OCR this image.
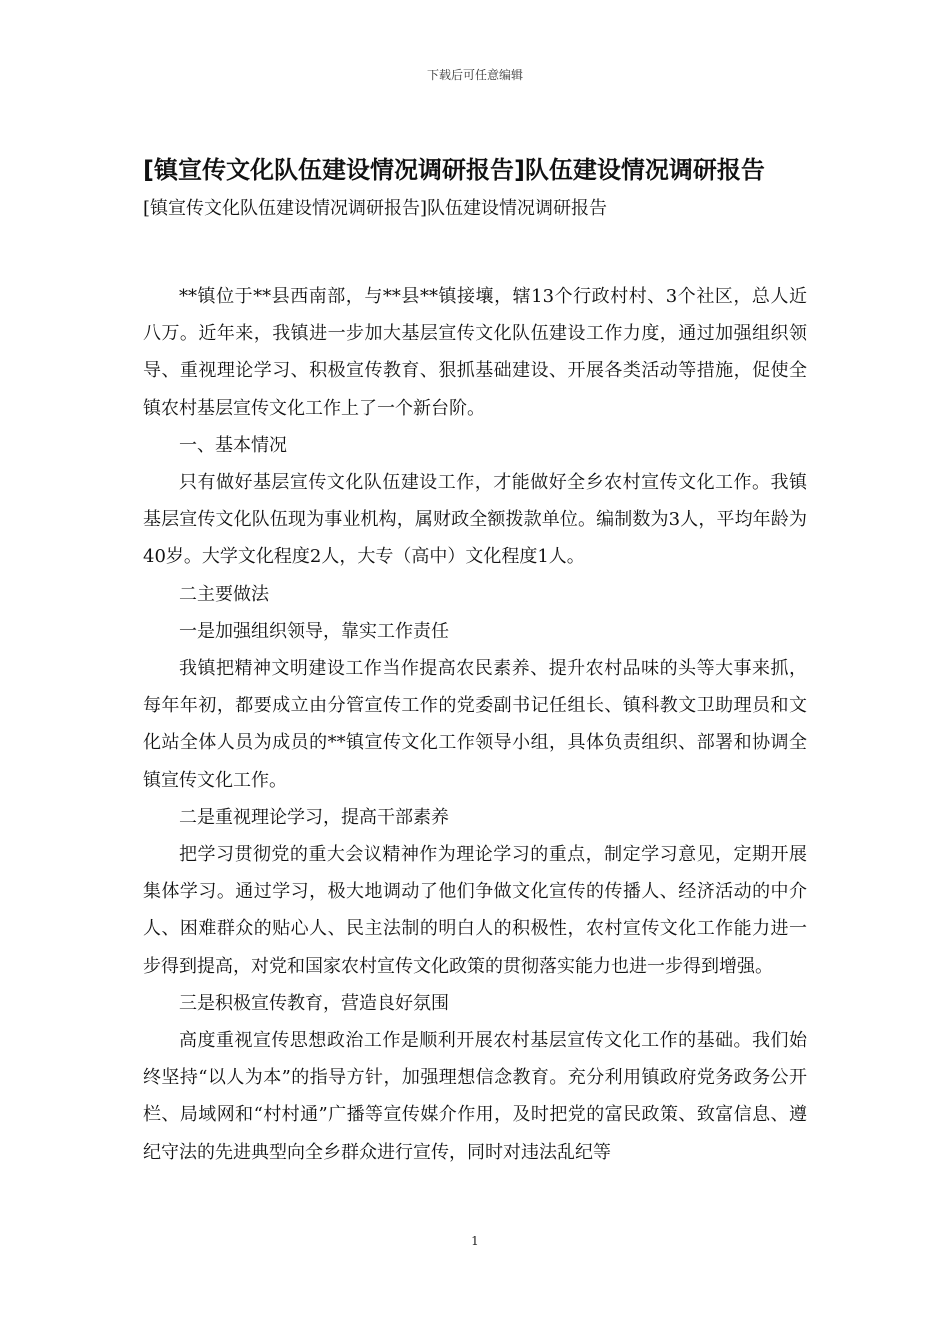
下载后可任意编辑
[镇宣传文化队伍建设情况调研报告]队伍建设情况调研报告
[镇宣传文化队伍建设情况调研报告]队伍建设情况调研报告

**镇位于**县西南部，与**县**镇接壤，辖13个行政村村、3个社区，总人近八万。近年来，我镇进一步加大基层宣传文化队伍建设工作力度，通过加强组织领导、重视理论学习、积极宣传教育、狠抓基础建设、开展各类活动等措施，促使全镇农村基层宣传文化工作上了一个新台阶。

一、基本情况

只有做好基层宣传文化队伍建设工作，才能做好全乡农村宣传文化工作。我镇基层宣传文化队伍现为事业机构，属财政全额拨款单位。编制数为3人，平均年龄为40岁。大学文化程度2人，大专（高中）文化程度1人。

二主要做法

一是加强组织领导，靠实工作责任

我镇把精神文明建设工作当作提高农民素养、提升农村品味的头等大事来抓，每年年初，都要成立由分管宣传工作的党委副书记任组长、镇科教文卫助理员和文化站全体人员为成员的**镇宣传文化工作领导小组，具体负责组织、部署和协调全镇宣传文化工作。

二是重视理论学习，提高干部素养

把学习贯彻党的重大会议精神作为理论学习的重点，制定学习意见，定期开展集体学习。通过学习，极大地调动了他们争做文化宣传的传播人、经济活动的中介人、困难群众的贴心人、民主法制的明白人的积极性，农村宣传文化工作能力进一步得到提高，对党和国家农村宣传文化政策的贯彻落实能力也进一步得到增强。

三是积极宣传教育，营造良好氛围

高度重视宣传思想政治工作是顺利开展农村基层宣传文化工作的基础。我们始终坚持“以人为本”的指导方针，加强理想信念教育。充分利用镇政府党务政务公开栏、局域网和“村村通”广播等宣传媒介作用，及时把党的富民政策、致富信息、遵纪守法的先进典型向全乡群众进行宣传，同时对违法乱纪等

1
